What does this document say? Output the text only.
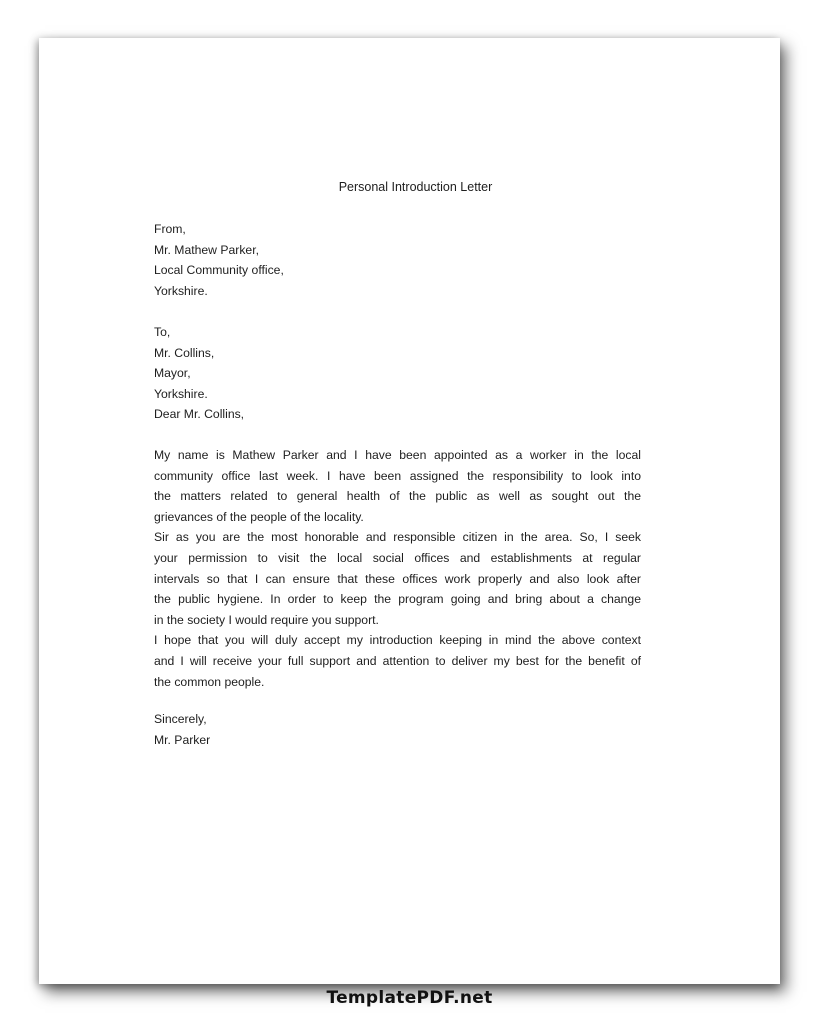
Personal Introduction Letter
From,
Mr. Mathew Parker,
Local Community office,
Yorkshire.
To,
Mr. Collins,
Mayor,
Yorkshire.
Dear Mr. Collins,
My name is Mathew Parker and I have been appointed as a worker in the local
community office last week. I have been assigned the responsibility to look into
the matters related to general health of the public as well as sought out the
grievances of the people of the locality.
Sir as you are the most honorable and responsible citizen in the area. So, I seek
your permission to visit the local social offices and establishments at regular
intervals so that I can ensure that these offices work properly and also look after
the public hygiene. In order to keep the program going and bring about a change
in the society I would require you support.
I hope that you will duly accept my introduction keeping in mind the above context
and I will receive your full support and attention to deliver my best for the benefit of
the common people.
Sincerely,
Mr. Parker
TemplatePDF.net
